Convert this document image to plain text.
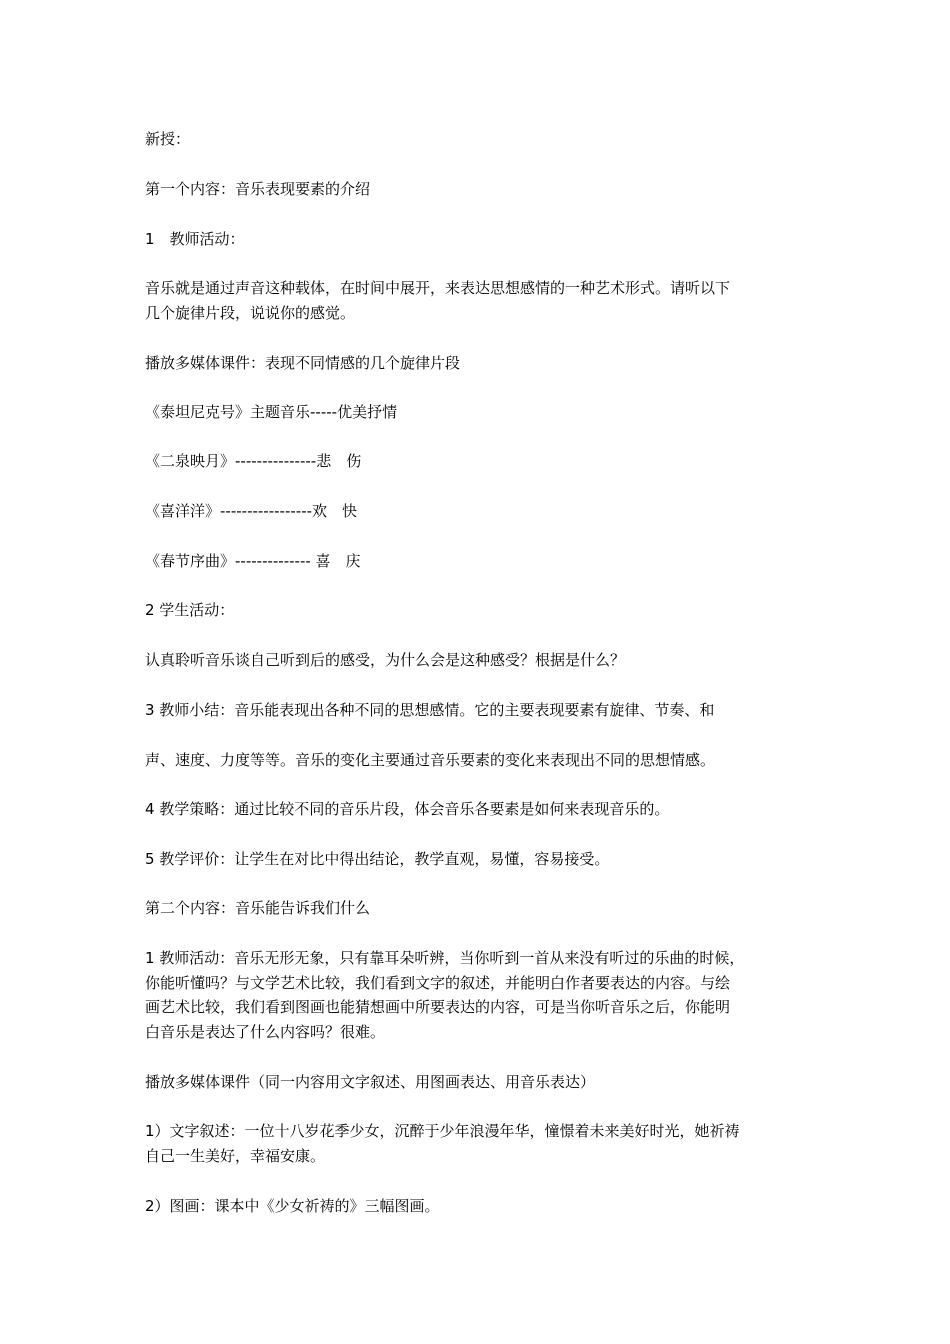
新授：
第一个内容：音乐表现要素的介绍
1　教师活动：
音乐就是通过声音这种载体，在时间中展开，来表达思想感情的一种艺术形式。请听以下
几个旋律片段，说说你的感觉。
播放多媒体课件：表现不同情感的几个旋律片段
《泰坦尼克号》主题音乐-----优美抒情
《二泉映月》---------------悲　伤
《喜洋洋》-----------------欢　快
《春节序曲》-------------- 喜　庆
2 学生活动：
认真聆听音乐谈自己听到后的感受，为什么会是这种感受？根据是什么？
3 教师小结：音乐能表现出各种不同的思想感情。它的主要表现要素有旋律、节奏、和
声、速度、力度等等。音乐的变化主要通过音乐要素的变化来表现出不同的思想情感。
4 教学策略：通过比较不同的音乐片段，体会音乐各要素是如何来表现音乐的。
5 教学评价：让学生在对比中得出结论，教学直观，易懂，容易接受。
第二个内容：音乐能告诉我们什么
1 教师活动：音乐无形无象，只有靠耳朵听辨，当你听到一首从来没有听过的乐曲的时候，
你能听懂吗？与文学艺术比较，我们看到文字的叙述，并能明白作者要表达的内容。与绘
画艺术比较，我们看到图画也能猜想画中所要表达的内容，可是当你听音乐之后，你能明
白音乐是表达了什么内容吗？很难。
播放多媒体课件（同一内容用文字叙述、用图画表达、用音乐表达）
1）文字叙述：一位十八岁花季少女，沉醉于少年浪漫年华，憧憬着未来美好时光，她祈祷
自己一生美好，幸福安康。
2）图画：课本中《少女祈祷的》三幅图画。
